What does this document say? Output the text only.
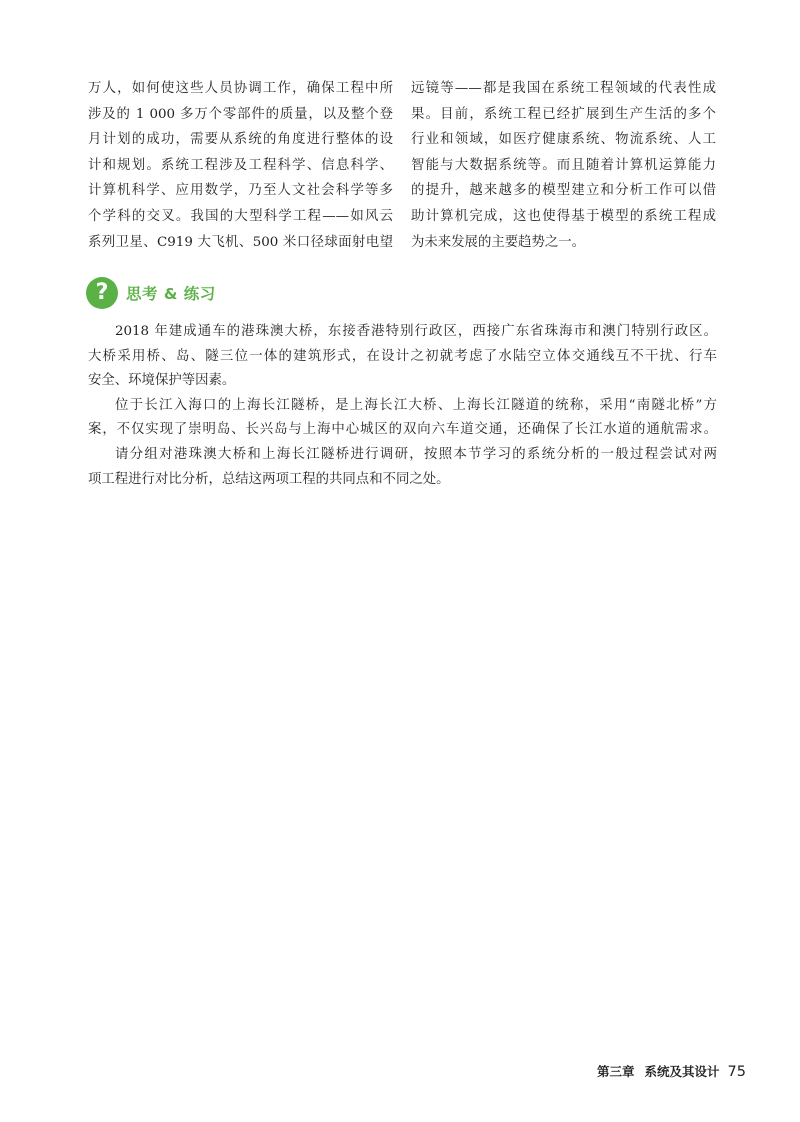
万人，如何使这些人员协调工作，确保工程中所
涉及的 1 000 多万个零部件的质量，以及整个登
月计划的成功，需要从系统的角度进行整体的设
计和规划。系统工程涉及工程科学、信息科学、
计算机科学、应用数学，乃至人文社会科学等多
个学科的交叉。我国的大型科学工程——如风云
系列卫星、C919 大飞机、500 米口径球面射电望
远镜等——都是我国在系统工程领域的代表性成
果。目前，系统工程已经扩展到生产生活的多个
行业和领域，如医疗健康系统、物流系统、人工
智能与大数据系统等。而且随着计算机运算能力
的提升，越来越多的模型建立和分析工作可以借
助计算机完成，这也使得基于模型的系统工程成
为未来发展的主要趋势之一。
?	思考 & 练习
2018 年建成通车的港珠澳大桥，东接香港特别行政区，西接广东省珠海市和澳门特别行政区。
大桥采用桥、岛、隧三位一体的建筑形式，在设计之初就考虑了水陆空立体交通线互不干扰、行车
安全、环境保护等因素。
位于长江入海口的上海长江隧桥，是上海长江大桥、上海长江隧道的统称，采用“南隧北桥”方
案，不仅实现了崇明岛、长兴岛与上海中心城区的双向六车道交通，还确保了长江水道的通航需求。
请分组对港珠澳大桥和上海长江隧桥进行调研，按照本节学习的系统分析的一般过程尝试对两
项工程进行对比分析，总结这两项工程的共同点和不同之处。
第三章 系统及其设计 75
